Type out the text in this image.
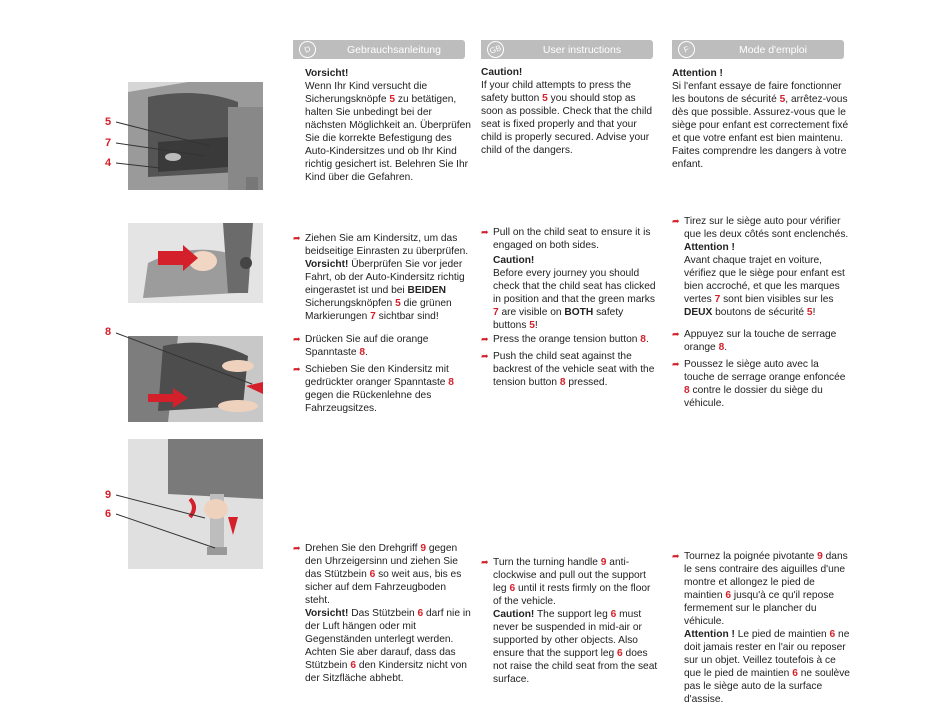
5
7
4
8
9
6
D	Gebrauchsanleitung

Vorsicht!

Wenn Ihr Kind versucht die Sicherungsknöpfe 5 zu betätigen, halten Sie unbedingt bei der nächsten Möglichkeit an. Überprüfen Sie die korrekte Befestigung des Auto-Kindersitzes und ob Ihr Kind richtig gesichert ist. Belehren Sie Ihr Kind über die Gefahren.

➦ Ziehen Sie am Kindersitz, um das beidseitige Einrasten zu überprüfen.

Vorsicht! Überprüfen Sie vor jeder Fahrt, ob der Auto-Kindersitz richtig eingerastet ist und bei BEIDEN Sicherungsknöpfen 5 die grünen Markierungen 7 sichtbar sind!

➦ Drücken Sie auf die orange Spanntaste 8.

➦ Schieben Sie den Kindersitz mit gedrückter oranger Spanntaste 8 gegen die Rückenlehne des Fahrzeugsitzes.

➦ Drehen Sie den Drehgriff 9 gegen den Uhrzeigersinn und ziehen Sie das Stützbein 6 so weit aus, bis es sicher auf dem Fahrzeugboden steht.

Vorsicht! Das Stützbein 6 darf nie in der Luft hängen oder mit Gegenständen unterlegt werden. Achten Sie aber darauf, dass das Stützbein 6 den Kindersitz nicht von der Sitzfläche abhebt.

GB	User instructions

Caution!

If your child attempts to press the safety button 5 you should stop as soon as possible. Check that the child seat is fixed properly and that your child is properly secured. Advise your child of the dangers.

➦ Pull on the child seat to ensure it is engaged on both sides.

Caution!

Before every journey you should check that the child seat has clicked in position and that the green marks 7 are visible on BOTH safety buttons 5!

➦ Press the orange tension button 8.

➦ Push the child seat against the backrest of the vehicle seat with the tension button 8 pressed.

➦ Turn the turning handle 9 anti-clockwise and pull out the support leg 6 until it rests firmly on the floor of the vehicle.

Caution! The support leg 6 must never be suspended in mid-air or supported by other objects. Also ensure that the support leg 6 does not raise the child seat from the seat surface.

F	Mode d'emploi

Attention !

Si l'enfant essaye de faire fonctionner les boutons de sécurité 5, arrêtez-vous dès que possible. Assurez-vous que le siège pour enfant est correctement fixé et que votre enfant est bien maintenu. Faites comprendre les dangers à votre enfant.

➦ Tirez sur le siège auto pour vérifier que les deux côtés sont enclenchés.

Attention !

Avant chaque trajet en voiture, vérifiez que le siège pour enfant est bien accroché, et que les marques vertes 7 sont bien visibles sur les DEUX boutons de sécurité 5!

➦ Appuyez sur la touche de serrage orange 8.

➦ Poussez le siège auto avec la touche de serrage orange enfoncée 8 contre le dossier du siège du véhicule.

➦ Tournez la poignée pivotante 9 dans le sens contraire des aiguilles d'une montre et allongez le pied de maintien 6 jusqu'à ce qu'il repose fermement sur le plancher du véhicule.

Attention ! Le pied de maintien 6 ne doit jamais rester en l'air ou reposer sur un objet. Veillez toutefois à ce que le pied de maintien 6 ne soulève pas le siège auto de la surface d'assise.
